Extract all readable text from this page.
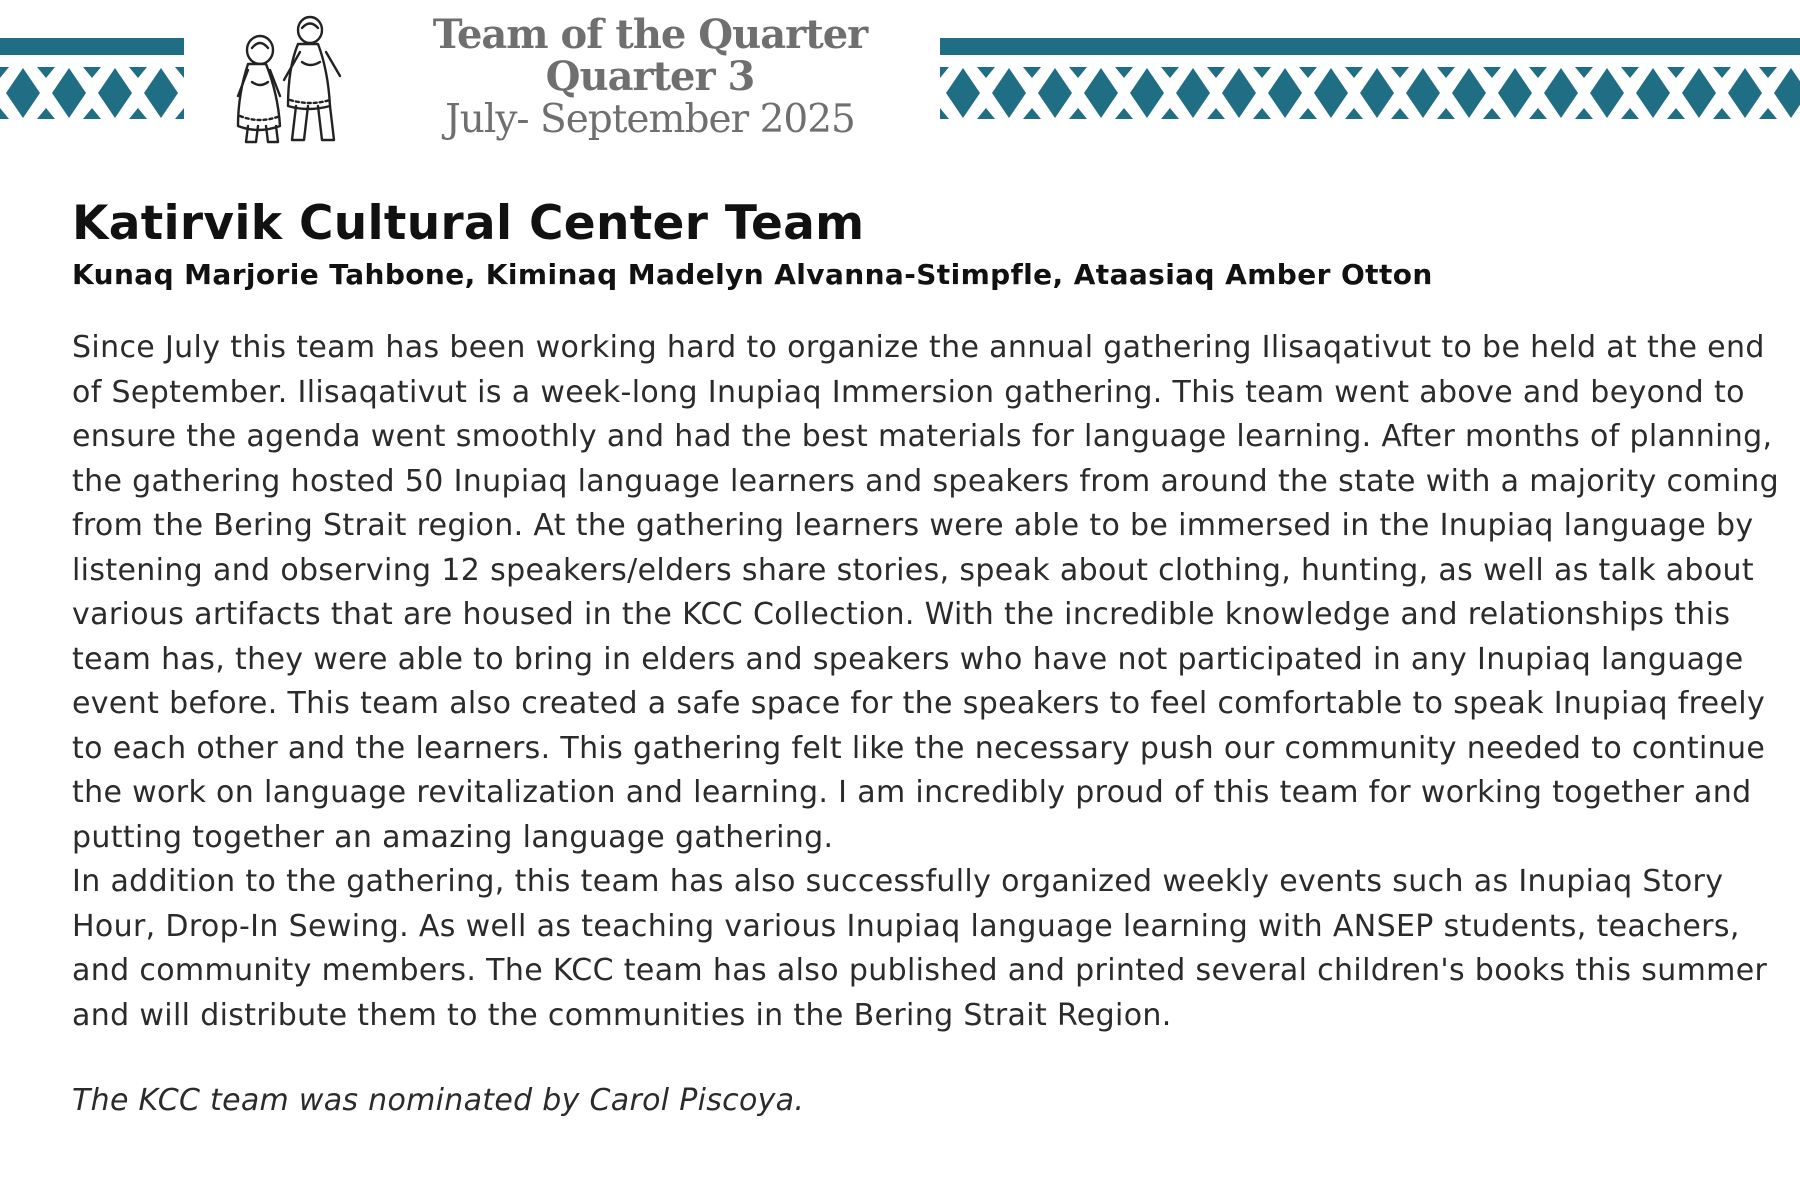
Team of the Quarter
Quarter 3
July- September 2025
Katirvik Cultural Center Team
Kunaq Marjorie Tahbone, Kiminaq Madelyn Alvanna-Stimpfle, Ataasiaq Amber Otton

Since July this team has been working hard to organize the annual gathering Ilisaqativut to be held at the end of September. Ilisaqativut is a week-long Inupiaq Immersion gathering. This team went above and beyond to ensure the agenda went smoothly and had the best materials for language learning. After months of planning, the gathering hosted 50 Inupiaq language learners and speakers from around the state with a majority coming from the Bering Strait region. At the gathering learners were able to be immersed in the Inupiaq language by listening and observing 12 speakers/elders share stories, speak about clothing, hunting, as well as talk about various artifacts that are housed in the KCC Collection. With the incredible knowledge and relationships this team has, they were able to bring in elders and speakers who have not participated in any Inupiaq language event before. This team also created a safe space for the speakers to feel comfortable to speak Inupiaq freely to each other and the learners. This gathering felt like the necessary push our community needed to continue the work on language revitalization and learning. I am incredibly proud of this team for working together and putting together an amazing language gathering.

In addition to the gathering, this team has also successfully organized weekly events such as Inupiaq Story Hour, Drop-In Sewing. As well as teaching various Inupiaq language learning with ANSEP students, teachers, and community members. The KCC team has also published and printed several children's books this summer and will distribute them to the communities in the Bering Strait Region.

The KCC team was nominated by Carol Piscoya.
